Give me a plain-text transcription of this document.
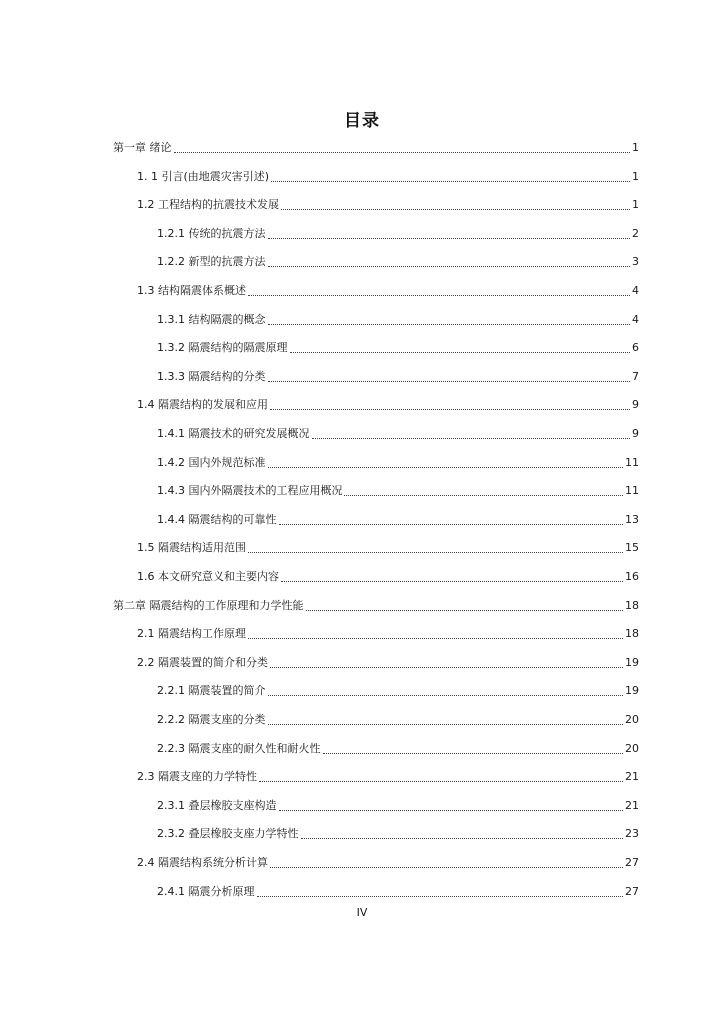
目录
第一章 绪论	1
1. 1 引言(由地震灾害引述)	1
1.2 工程结构的抗震技术发展	1
1.2.1 传统的抗震方法	2
1.2.2 新型的抗震方法	3
1.3 结构隔震体系概述	4
1.3.1 结构隔震的概念	4
1.3.2 隔震结构的隔震原理	6
1.3.3 隔震结构的分类	7
1.4 隔震结构的发展和应用	9
1.4.1 隔震技术的研究发展概况	9
1.4.2 国内外规范标准	11
1.4.3 国内外隔震技术的工程应用概况	11
1.4.4 隔震结构的可靠性	13
1.5 隔震结构适用范围	15
1.6 本文研究意义和主要内容	16
第二章 隔震结构的工作原理和力学性能	18
2.1 隔震结构工作原理	18
2.2 隔震装置的简介和分类	19
2.2.1 隔震装置的简介	19
2.2.2 隔震支座的分类	20
2.2.3 隔震支座的耐久性和耐火性	20
2.3 隔震支座的力学特性	21
2.3.1 叠层橡胶支座构造	21
2.3.2 叠层橡胶支座力学特性	23
2.4 隔震结构系统分析计算	27
2.4.1 隔震分析原理	27
IV
